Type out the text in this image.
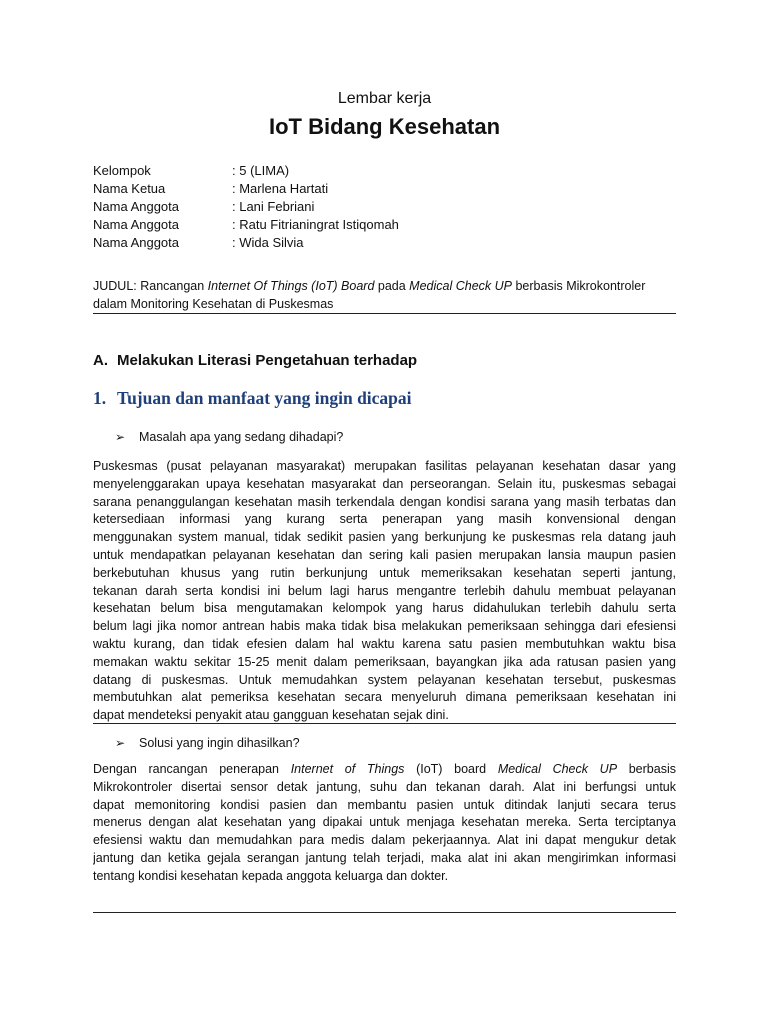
Lembar kerja
IoT Bidang Kesehatan
Kelompok	: 5 (LIMA)
Nama Ketua	: Marlena Hartati
Nama Anggota	: Lani Febriani
Nama Anggota	: Ratu Fitrianingrat Istiqomah
Nama Anggota	: Wida Silvia
JUDUL: Rancangan Internet Of Things (IoT) Board pada Medical Check UP berbasis Mikrokontroler
dalam Monitoring Kesehatan di Puskesmas
A. Melakukan Literasi Pengetahuan terhadap
1. Tujuan dan manfaat yang ingin dicapai
➢	Masalah apa yang sedang dihadapi?
Puskesmas (pusat pelayanan masyarakat) merupakan fasilitas pelayanan kesehatan dasar yang
menyelenggarakan upaya kesehatan masyarakat dan perseorangan. Selain itu, puskesmas sebagai
sarana penanggulangan kesehatan masih terkendala dengan kondisi sarana yang masih terbatas dan
ketersediaan informasi yang kurang serta penerapan yang masih konvensional dengan
menggunakan system manual, tidak sedikit pasien yang berkunjung ke puskesmas rela datang jauh
untuk mendapatkan pelayanan kesehatan dan sering kali pasien merupakan lansia maupun pasien
berkebutuhan khusus yang rutin berkunjung untuk memeriksakan kesehatan seperti jantung,
tekanan darah serta kondisi ini belum lagi harus mengantre terlebih dahulu membuat pelayanan
kesehatan belum bisa mengutamakan kelompok yang harus didahulukan terlebih dahulu serta
belum lagi jika nomor antrean habis maka tidak bisa melakukan pemeriksaan sehingga dari efesiensi
waktu kurang, dan tidak efesien dalam hal waktu karena satu pasien membutuhkan waktu bisa
memakan waktu sekitar 15-25 menit dalam pemeriksaan, bayangkan jika ada ratusan pasien yang
datang di puskesmas. Untuk memudahkan system pelayanan kesehatan tersebut, puskesmas
membutuhkan alat pemeriksa kesehatan secara menyeluruh dimana pemeriksaan kesehatan ini
dapat mendeteksi penyakit atau gangguan kesehatan sejak dini.
➢	Solusi yang ingin dihasilkan?
Dengan rancangan penerapan Internet of Things (IoT) board Medical Check UP berbasis
Mikrokontroler disertai sensor detak jantung, suhu dan tekanan darah. Alat ini berfungsi untuk
dapat memonitoring kondisi pasien dan membantu pasien untuk ditindak lanjuti secara terus
menerus dengan alat kesehatan yang dipakai untuk menjaga kesehatan mereka. Serta terciptanya
efesiensi waktu dan memudahkan para medis dalam pekerjaannya. Alat ini dapat mengukur detak
jantung dan ketika gejala serangan jantung telah terjadi, maka alat ini akan mengirimkan informasi
tentang kondisi kesehatan kepada anggota keluarga dan dokter.
